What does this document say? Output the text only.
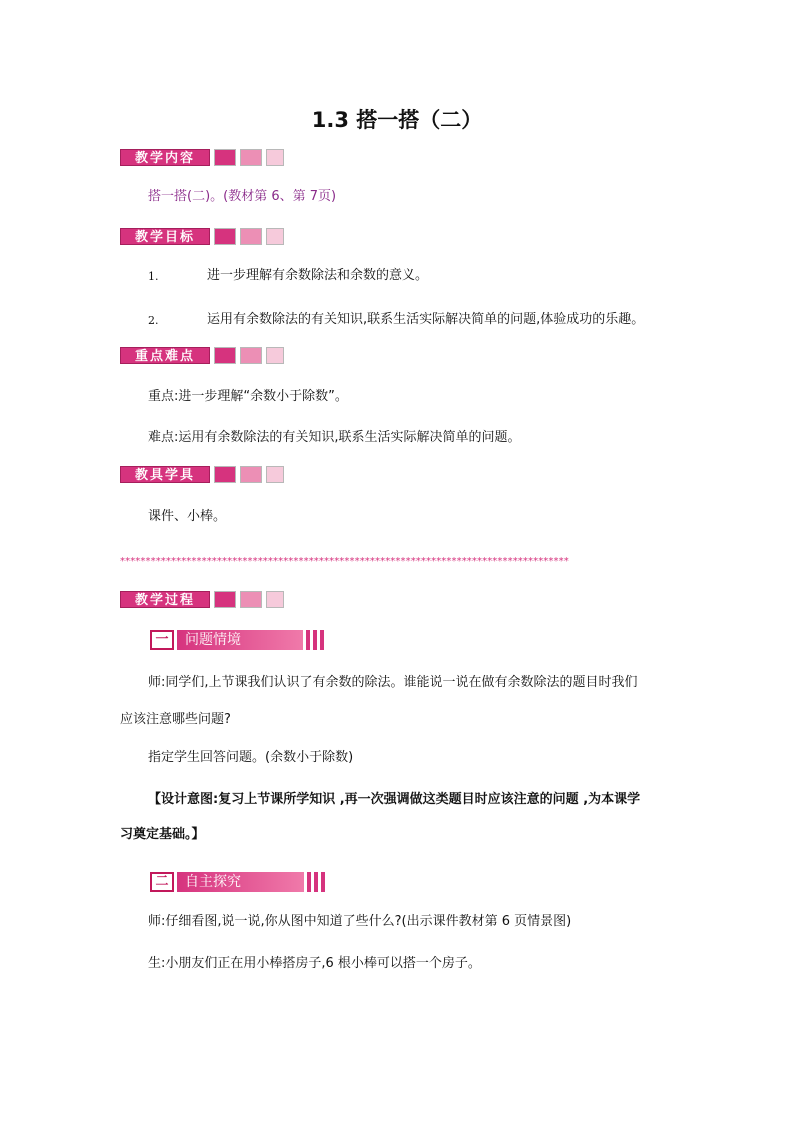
1.3 搭一搭（二）
教学内容
搭一搭(二)。(教材第 6、第 7页)
教学目标
1.	进一步理解有余数除法和余数的意义。
2.	运用有余数除法的有关知识,联系生活实际解决简单的问题,体验成功的乐趣。
重点难点
重点:进一步理解“余数小于除数”。
难点:运用有余数除法的有关知识,联系生活实际解决简单的问题。
教具学具
课件、小棒。
****************************************************************************************
教学过程
一	问题情境
师:同学们,上节课我们认识了有余数的除法。谁能说一说在做有余数除法的题目时我们
应该注意哪些问题?
指定学生回答问题。(余数小于除数)
【设计意图:复习上节课所学知识 ,再一次强调做这类题目时应该注意的问题 ,为本课学
习奠定基础。】
二	自主探究
师:仔细看图,说一说,你从图中知道了些什么?(出示课件教材第 6 页情景图)
生:小朋友们正在用小棒搭房子,6 根小棒可以搭一个房子。
